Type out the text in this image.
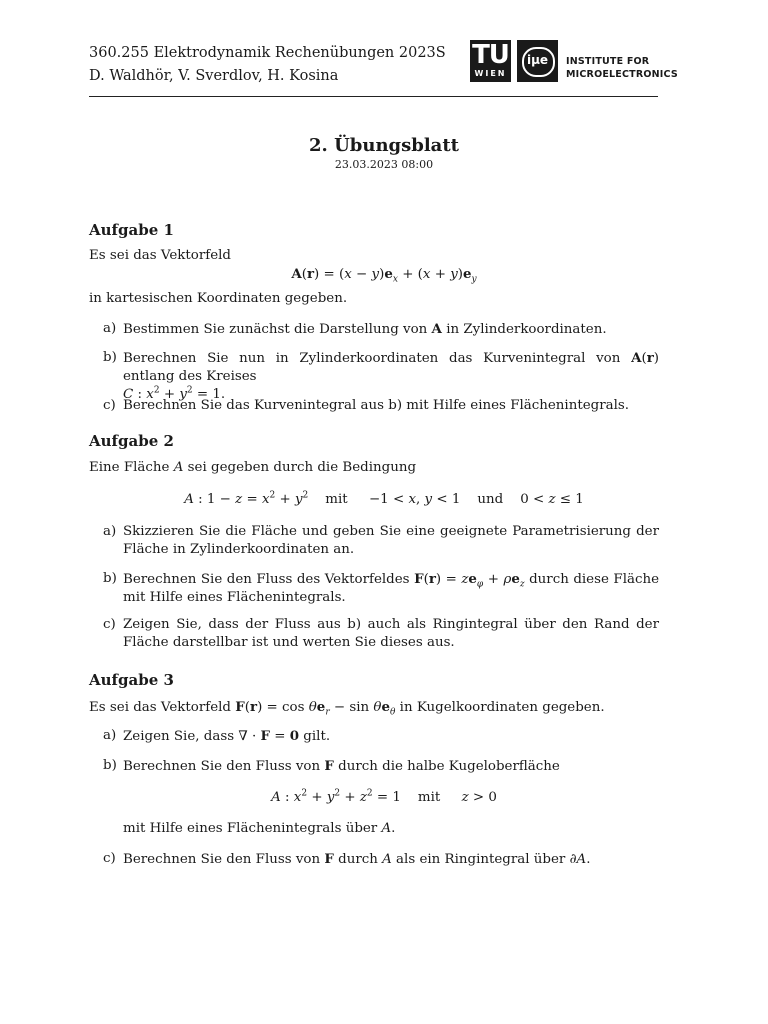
360.255 Elektrodynamik Rechenübungen 2023S
D. Waldhör, V. Sverdlov, H. Kosina
TU
WIEN
iμe	INSTITUTE FOR
MICROELECTRONICS
2. Übungsblatt
23.03.2023 08:00
Aufgabe 1
Es sei das Vektorfeld
$A(r) = (x - y)e_x + (x + y)e_y$
in kartesischen Koordinaten gegeben.
a) Bestimmen Sie zunächst die Darstellung von A in Zylinderkoordinaten.
b) Berechnen Sie nun in Zylinderkoordinaten das Kurvenintegral von A(r) entlang des Kreises
C : $x^2 + y^2 = 1$.
c) Berechnen Sie das Kurvenintegral aus b) mit Hilfe eines Flächenintegrals.
Aufgabe 2
Eine Fläche A sei gegeben durch die Bedingung
A : $1 - z = x^2 + y^2$    mit     −1 < x, y < 1    und    0 < z ≤ 1
a) Skizzieren Sie die Fläche und geben Sie eine geeignete Parametrisierung der Fläche in Zylinderkoordinaten an.
b) Berechnen Sie den Fluss des Vektorfeldes $F(r) = ze_\varphi + \rho e_z$ durch diese Fläche mit Hilfe eines Flächenintegrals.
c) Zeigen Sie, dass der Fluss aus b) auch als Ringintegral über den Rand der Fläche darstellbar ist und werten Sie dieses aus.
Aufgabe 3
Es sei das Vektorfeld $F(r) = \cos \theta e_r - \sin \theta e_\theta$ in Kugelkoordinaten gegeben.
a) Zeigen Sie, dass ∇ · F = 0 gilt.
b) Berechnen Sie den Fluss von F durch die halbe Kugeloberfläche
A : $x^2 + y^2 + z^2 = 1$    mit     z > 0
mit Hilfe eines Flächenintegrals über A.
c) Berechnen Sie den Fluss von F durch A als ein Ringintegral über ∂A.
